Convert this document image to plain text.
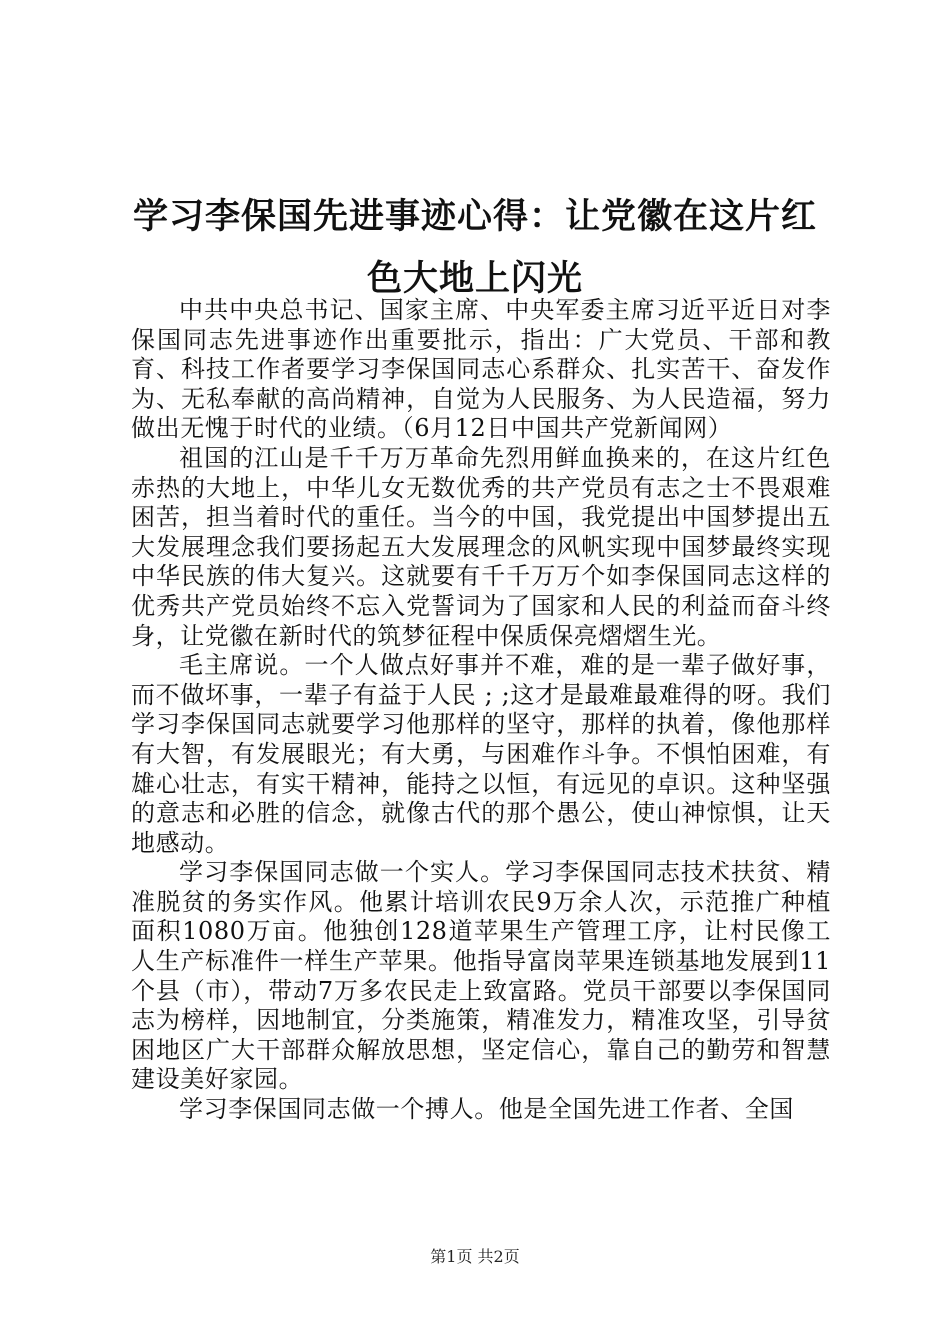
学习李保国先进事迹心得：让党徽在这片红色大地上闪光

中共中央总书记、国家主席、中央军委主席习近平近日对李保国同志先进事迹作出重要批示，指出：广大党员、干部和教育、科技工作者要学习李保国同志心系群众、扎实苦干、奋发作为、无私奉献的高尚精神，自觉为人民服务、为人民造福，努力做出无愧于时代的业绩。（6月12日中国共产党新闻网）

祖国的江山是千千万万革命先烈用鲜血换来的，在这片红色赤热的大地上，中华儿女无数优秀的共产党员有志之士不畏艰难困苦，担当着时代的重任。当今的中国，我党提出中国梦提出五大发展理念我们要扬起五大发展理念的风帆实现中国梦最终实现中华民族的伟大复兴。这就要有千千万万个如李保国同志这样的优秀共产党员始终不忘入党誓词为了国家和人民的利益而奋斗终身，让党徽在新时代的筑梦征程中保质保亮熠熠生光。

毛主席说。一个人做点好事并不难，难的是一辈子做好事，而不做坏事，一辈子有益于人民 ; ;这才是最难最难得的呀。我们学习李保国同志就要学习他那样的坚守，那样的执着，像他那样有大智，有发展眼光；有大勇，与困难作斗争。不惧怕困难，有雄心壮志，有实干精神，能持之以恒，有远见的卓识。这种坚强的意志和必胜的信念，就像古代的那个愚公，使山神惊惧，让天地感动。

学习李保国同志做一个实人。学习李保国同志技术扶贫、精准脱贫的务实作风。他累计培训农民9万余人次，示范推广种植面积1080万亩。他独创128道苹果生产管理工序，让村民像工人生产标准件一样生产苹果。他指导富岗苹果连锁基地发展到11个县（市），带动7万多农民走上致富路。党员干部要以李保国同志为榜样，因地制宜，分类施策，精准发力，精准攻坚，引导贫困地区广大干部群众解放思想，坚定信心，靠自己的勤劳和智慧建设美好家园。

学习李保国同志做一个搏人。他是全国先进工作者、全国

第1页 共2页
